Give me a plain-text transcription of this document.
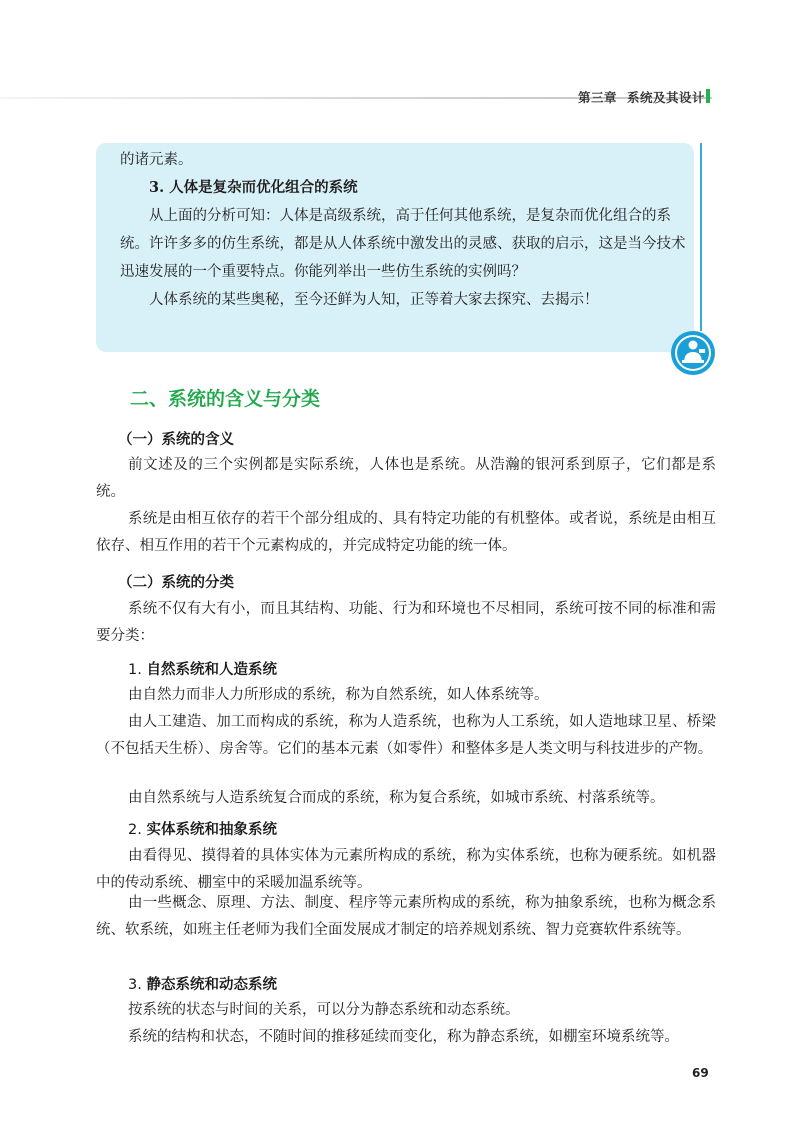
第三章 系统及其设计

的诸元素。

3. 人体是复杂而优化组合的系统

从上面的分析可知：人体是高级系统，高于任何其他系统，是复杂而优化组合的系统。许许多多的仿生系统，都是从人体系统中激发出的灵感、获取的启示，这是当今技术迅速发展的一个重要特点。你能列举出一些仿生系统的实例吗？

人体系统的某些奥秘，至今还鲜为人知，正等着大家去探究、去揭示！

二、系统的含义与分类
（一）系统的含义

前文述及的三个实例都是实际系统，人体也是系统。从浩瀚的银河系到原子，它们都是系统。

系统是由相互依存的若干个部分组成的、具有特定功能的有机整体。或者说，系统是由相互依存、相互作用的若干个元素构成的，并完成特定功能的统一体。

（二）系统的分类

系统不仅有大有小，而且其结构、功能、行为和环境也不尽相同，系统可按不同的标准和需要分类：

1. 自然系统和人造系统

由自然力而非人力所形成的系统，称为自然系统，如人体系统等。

由人工建造、加工而构成的系统，称为人造系统，也称为人工系统，如人造地球卫星、桥梁（不包括天生桥）、房舍等。它们的基本元素（如零件）和整体多是人类文明与科技进步的产物。

由自然系统与人造系统复合而成的系统，称为复合系统，如城市系统、村落系统等。

2. 实体系统和抽象系统

由看得见、摸得着的具体实体为元素所构成的系统，称为实体系统，也称为硬系统。如机器中的传动系统、棚室中的采暖加温系统等。

由一些概念、原理、方法、制度、程序等元素所构成的系统，称为抽象系统，也称为概念系统、软系统，如班主任老师为我们全面发展成才制定的培养规划系统、智力竞赛软件系统等。

3. 静态系统和动态系统

按系统的状态与时间的关系，可以分为静态系统和动态系统。

系统的结构和状态，不随时间的推移延续而变化，称为静态系统，如棚室环境系统等。

69
